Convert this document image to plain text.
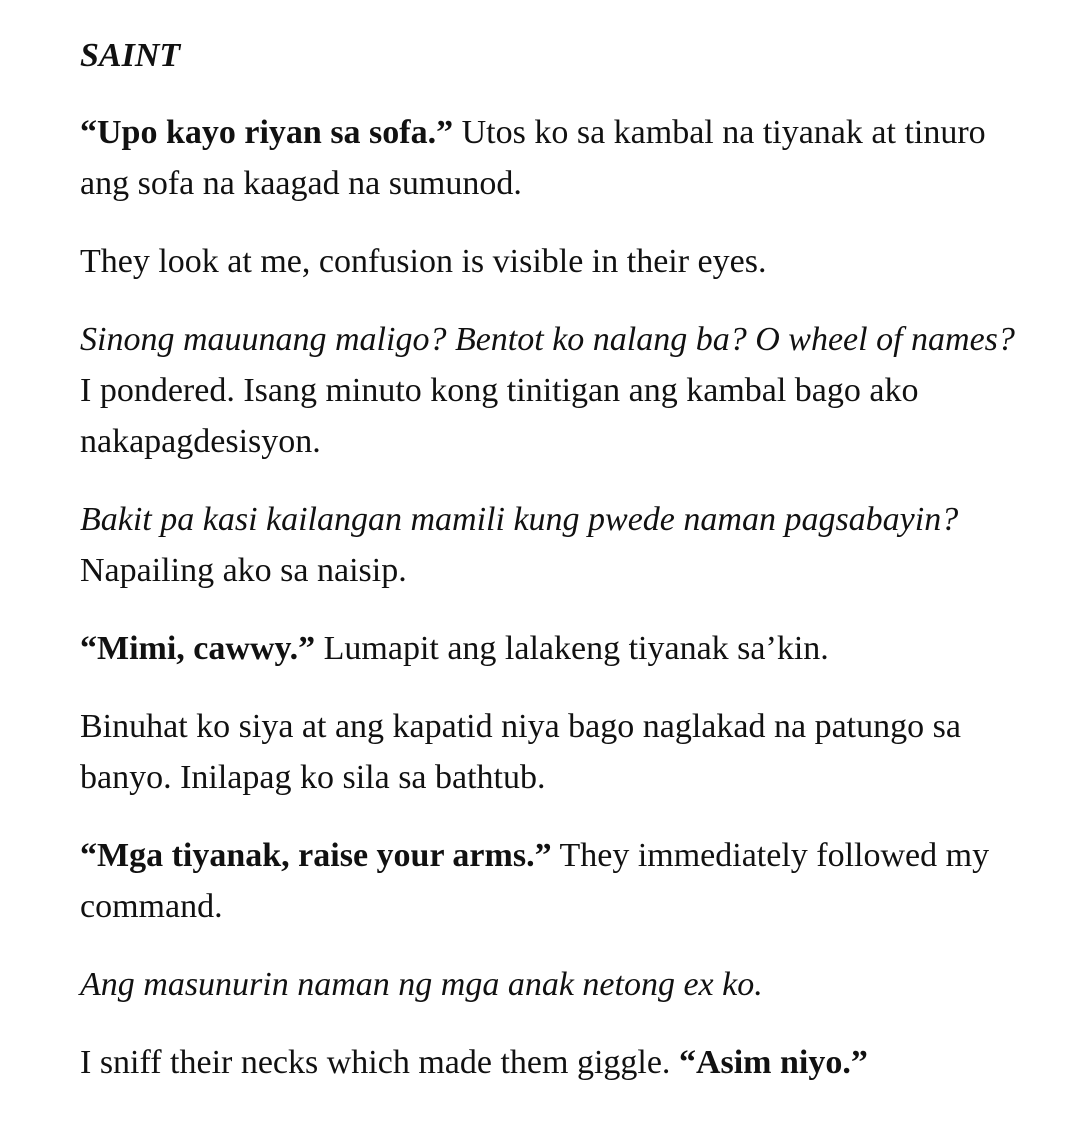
SAINT

“Upo kayo riyan sa sofa.” Utos ko sa kambal na tiyanak at tinuro ang sofa na kaagad na sumunod.

They look at me, confusion is visible in their eyes.

Sinong mauunang maligo? Bentot ko nalang ba? O wheel of names? I pondered. Isang minuto kong tinitigan ang kambal bago ako nakapagdesisyon.

Bakit pa kasi kailangan mamili kung pwede naman pagsabayin? Napailing ako sa naisip.

“Mimi, cawwy.” Lumapit ang lalakeng tiyanak sa’kin.

Binuhat ko siya at ang kapatid niya bago naglakad na patungo sa banyo. Inilapag ko sila sa bathtub.

“Mga tiyanak, raise your arms.” They immediately followed my command.

Ang masunurin naman ng mga anak netong ex ko.

I sniff their necks which made them giggle. “Asim niyo.”
